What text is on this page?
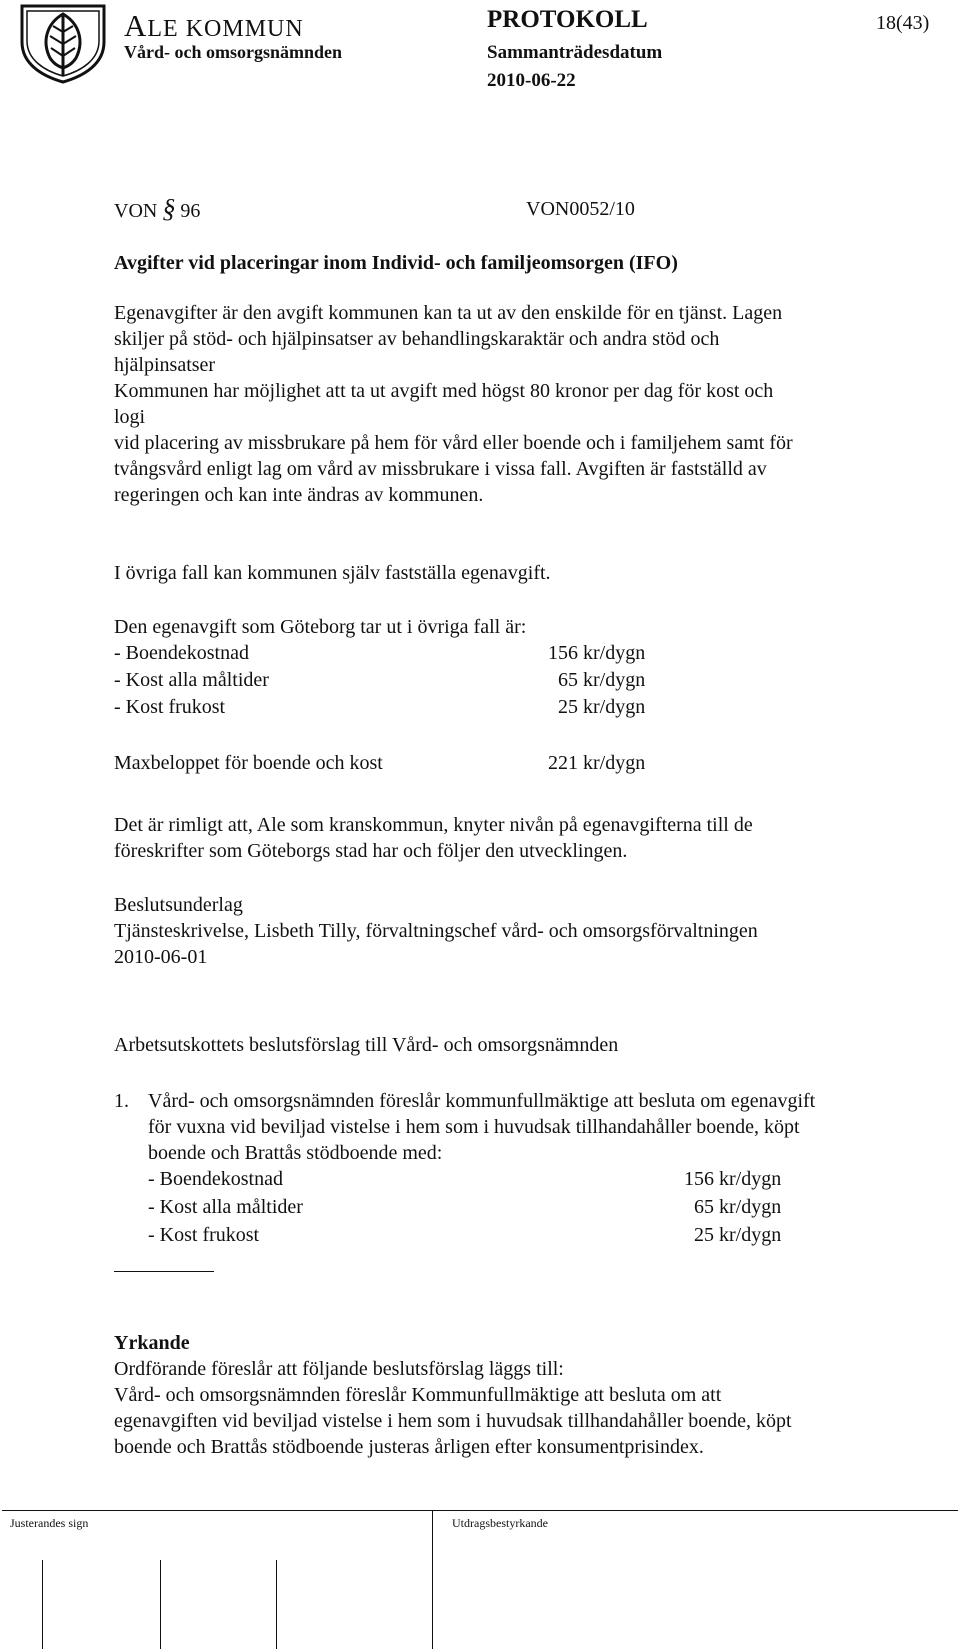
ALE KOMMUN
Vård- och omsorgsnämnden
PROTOKOLL
Sammanträdesdatum
2010-06-22
18(43)
VON § 96	VON0052/10
Avgifter vid placeringar inom Individ- och familjeomsorgen (IFO)
Egenavgifter är den avgift kommunen kan ta ut av den enskilde för en tjänst. Lagen
skiljer på stöd- och hjälpinsatser av behandlingskaraktär och andra stöd och
hjälpinsatser
Kommunen har möjlighet att ta ut avgift med högst 80 kronor per dag för kost och
logi
vid placering av missbrukare på hem för vård eller boende och i familjehem samt för
tvångsvård enligt lag om vård av missbrukare i vissa fall. Avgiften är fastställd av
regeringen och kan inte ändras av kommunen.
I övriga fall kan kommunen själv fastställa egenavgift.
Den egenavgift som Göteborg tar ut i övriga fall är:
- Boendekostnad	156 kr/dygn
- Kost alla måltider	65 kr/dygn
- Kost frukost	25 kr/dygn
Maxbeloppet för boende och kost	221 kr/dygn
Det är rimligt att, Ale som kranskommun, knyter nivån på egenavgifterna till de
föreskrifter som Göteborgs stad har och följer den utvecklingen.
Beslutsunderlag
Tjänsteskrivelse, Lisbeth Tilly, förvaltningschef vård- och omsorgsförvaltningen
2010-06-01
Arbetsutskottets beslutsförslag till Vård- och omsorgsnämnden
1. Vård- och omsorgsnämnden föreslår kommunfullmäktige att besluta om egenavgift
för vuxna vid beviljad vistelse i hem som i huvudsak tillhandahåller boende, köpt
boende och Brattås stödboende med:
- Boendekostnad	156 kr/dygn
- Kost alla måltider	65 kr/dygn
- Kost frukost	25 kr/dygn
Yrkande
Ordförande föreslår att följande beslutsförslag läggs till:
Vård- och omsorgsnämnden föreslår Kommunfullmäktige att besluta om att
egenavgiften vid beviljad vistelse i hem som i huvudsak tillhandahåller boende, köpt
boende och Brattås stödboende justeras årligen efter konsumentprisindex.
Justerandes sign	Utdragsbestyrkande
